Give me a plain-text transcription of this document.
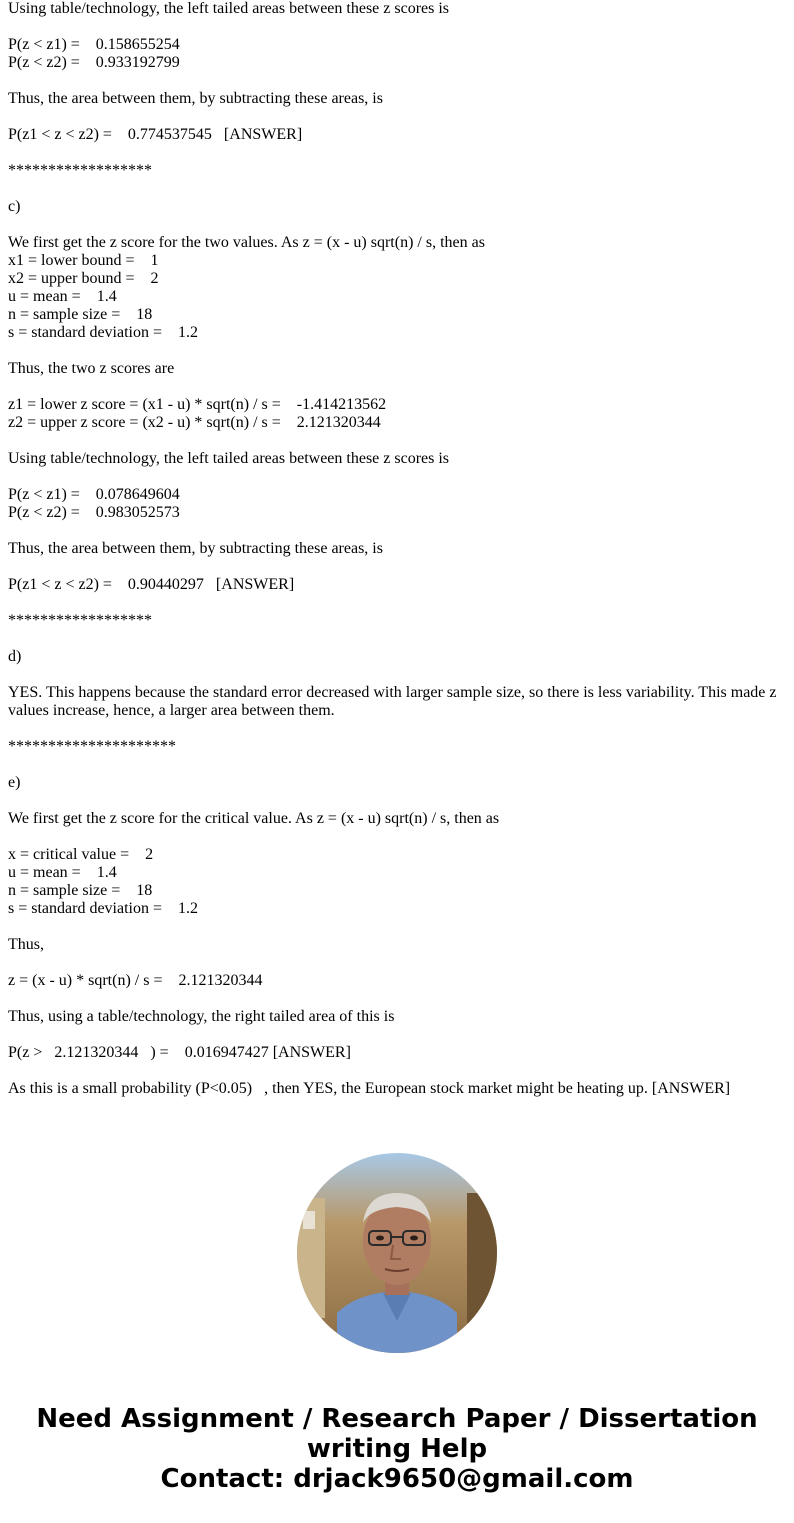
Using table/technology, the left tailed areas between these z scores is
P(z < z1) =    0.158655254
P(z < z2) =    0.933192799
Thus, the area between them, by subtracting these areas, is
P(z1 < z < z2) =    0.774537545   [ANSWER]
******************
c)
We first get the z score for the two values. As z = (x - u) sqrt(n) / s, then as
x1 = lower bound =    1
x2 = upper bound =    2
u = mean =    1.4
n = sample size =    18
s = standard deviation =    1.2
Thus, the two z scores are
z1 = lower z score = (x1 - u) * sqrt(n) / s =    -1.414213562
z2 = upper z score = (x2 - u) * sqrt(n) / s =    2.121320344
Using table/technology, the left tailed areas between these z scores is
P(z < z1) =    0.078649604
P(z < z2) =    0.983052573
Thus, the area between them, by subtracting these areas, is
P(z1 < z < z2) =    0.90440297   [ANSWER]
******************
d)
YES. This happens because the standard error decreased with larger sample size, so there is less variability. This made z values increase, hence, a larger area between them.
*********************
e)
We first get the z score for the critical value. As z = (x - u) sqrt(n) / s, then as
x = critical value =    2
u = mean =    1.4
n = sample size =    18
s = standard deviation =    1.2
Thus,
z = (x - u) * sqrt(n) / s =    2.121320344
Thus, using a table/technology, the right tailed area of this is
P(z >   2.121320344   ) =    0.016947427 [ANSWER]
As this is a small probability (P<0.05)   , then YES, the European stock market might be heating up. [ANSWER]
Need Assignment / Research Paper / Dissertation
writing Help
Contact: drjack9650@gmail.com
